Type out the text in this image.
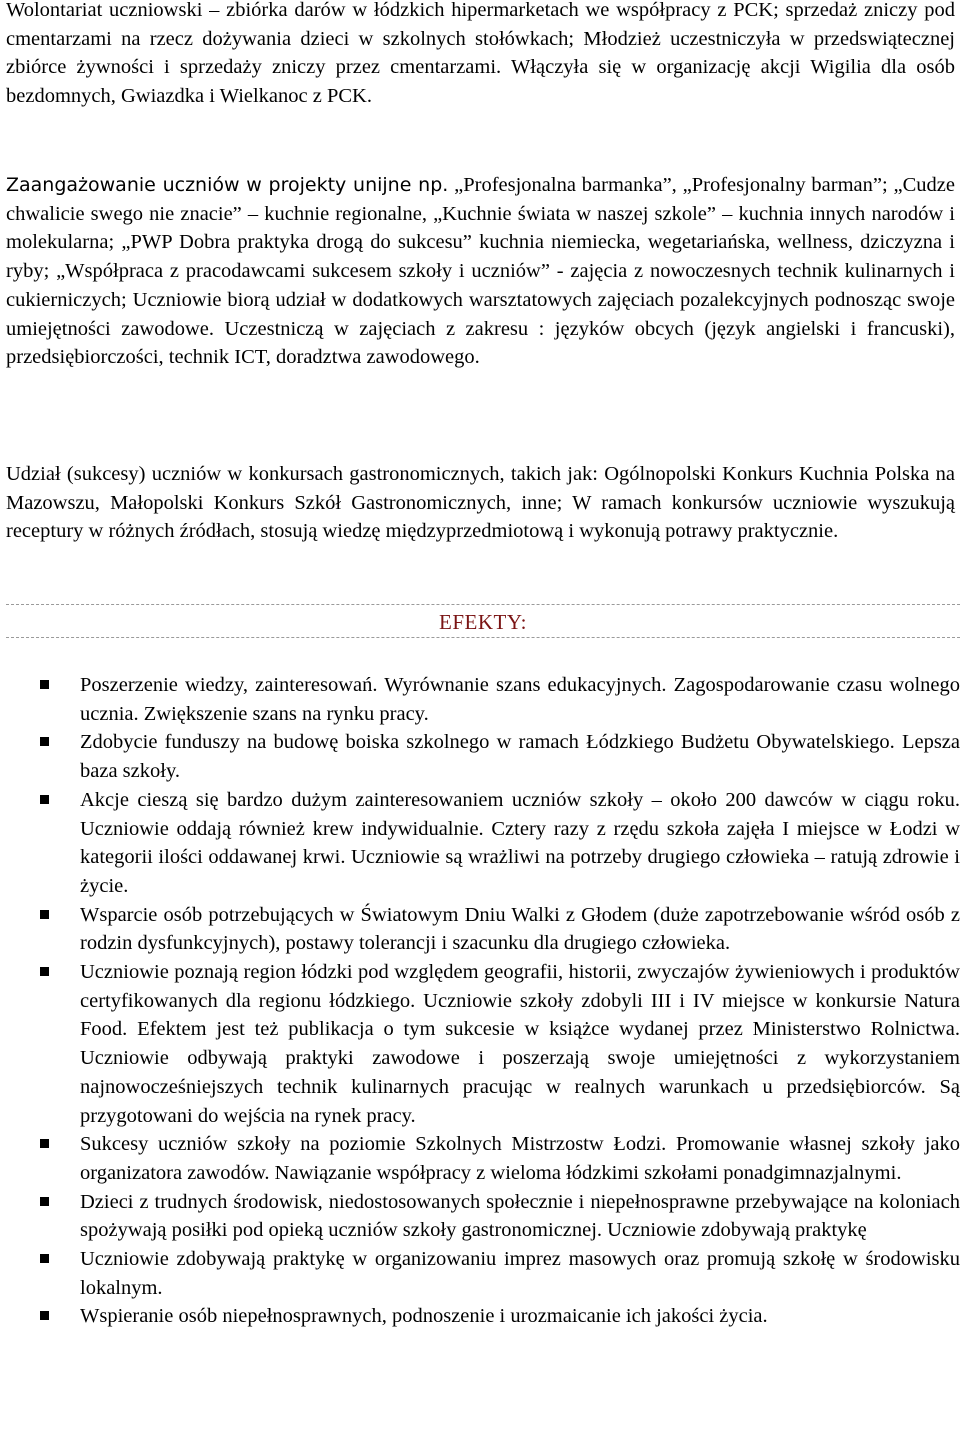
Wolontariat uczniowski – zbiórka darów w łódzkich hipermarketach we współpracy z PCK; sprzedaż zniczy pod cmentarzami na rzecz dożywania dzieci w szkolnych stołówkach; Młodzież uczestniczyła w przedswiątecznej zbiórce żywności i sprzedaży zniczy przez cmentarzami. Włączyła się w organizację akcji Wigilia dla osób bezdomnych, Gwiazdka i Wielkanoc z PCK.

Zaangażowanie uczniów w projekty unijne np. „Profesjonalna barmanka”, „Profesjonalny barman”; „Cudze chwalicie swego nie znacie” – kuchnie regionalne, „Kuchnie świata w naszej szkole” – kuchnia innych narodów i molekularna; „PWP Dobra praktyka drogą do sukcesu” kuchnia niemiecka, wegetariańska, wellness, dziczyzna i ryby; „Współpraca z pracodawcami sukcesem szkoły i uczniów” - zajęcia z nowoczesnych technik kulinarnych i cukierniczych; Uczniowie biorą udział w dodatkowych warsztatowych zajęciach pozalekcyjnych podnosząc swoje umiejętności zawodowe. Uczestniczą w zajęciach z zakresu : języków obcych (język angielski i francuski), przedsiębiorczości, technik ICT, doradztwa zawodowego.

Udział (sukcesy) uczniów w konkursach gastronomicznych, takich jak: Ogólnopolski Konkurs Kuchnia Polska na Mazowszu, Małopolski Konkurs Szkół Gastronomicznych, inne; W ramach konkursów uczniowie wyszukują receptury w różnych źródłach, stosują wiedzę międzyprzedmiotową i wykonują potrawy praktycznie.

EFEKTY:
Poszerzenie wiedzy, zainteresowań. Wyrównanie szans edukacyjnych. Zagospodarowanie czasu wolnego ucznia. Zwiększenie szans na rynku pracy.
Zdobycie funduszy na budowę boiska szkolnego w ramach Łódzkiego Budżetu Obywatelskiego. Lepsza baza szkoły.
Akcje cieszą się bardzo dużym zainteresowaniem uczniów szkoły – około 200 dawców w ciągu roku. Uczniowie oddają również krew indywidualnie. Cztery razy z rzędu szkoła zajęła I miejsce w Łodzi w kategorii ilości oddawanej krwi. Uczniowie są wrażliwi na potrzeby drugiego człowieka – ratują zdrowie i życie.
Wsparcie osób potrzebujących w Światowym Dniu Walki z Głodem (duże zapotrzebowanie wśród osób z rodzin dysfunkcyjnych), postawy tolerancji i szacunku dla drugiego człowieka.
Uczniowie poznają region łódzki pod względem geografii, historii, zwyczajów żywieniowych i produktów certyfikowanych dla regionu łódzkiego. Uczniowie szkoły zdobyli III i IV miejsce w konkursie Natura Food. Efektem jest też publikacja o tym sukcesie w książce wydanej przez Ministerstwo Rolnictwa. Uczniowie odbywają praktyki zawodowe i poszerzają swoje umiejętności z wykorzystaniem najnowocześniejszych technik kulinarnych pracując w realnych warunkach u przedsiębiorców. Są przygotowani do wejścia na rynek pracy.
Sukcesy uczniów szkoły na poziomie Szkolnych Mistrzostw Łodzi. Promowanie własnej szkoły jako organizatora zawodów. Nawiązanie współpracy z wieloma łódzkimi szkołami ponadgimnazjalnymi.
Dzieci z trudnych środowisk, niedostosowanych społecznie i niepełnosprawne przebywające na koloniach spożywają posiłki pod opieką uczniów szkoły gastronomicznej. Uczniowie zdobywają praktykę
Uczniowie zdobywają praktykę w organizowaniu imprez masowych oraz promują szkołę w środowisku lokalnym.
Wspieranie osób niepełnosprawnych, podnoszenie i urozmaicanie ich jakości życia.
